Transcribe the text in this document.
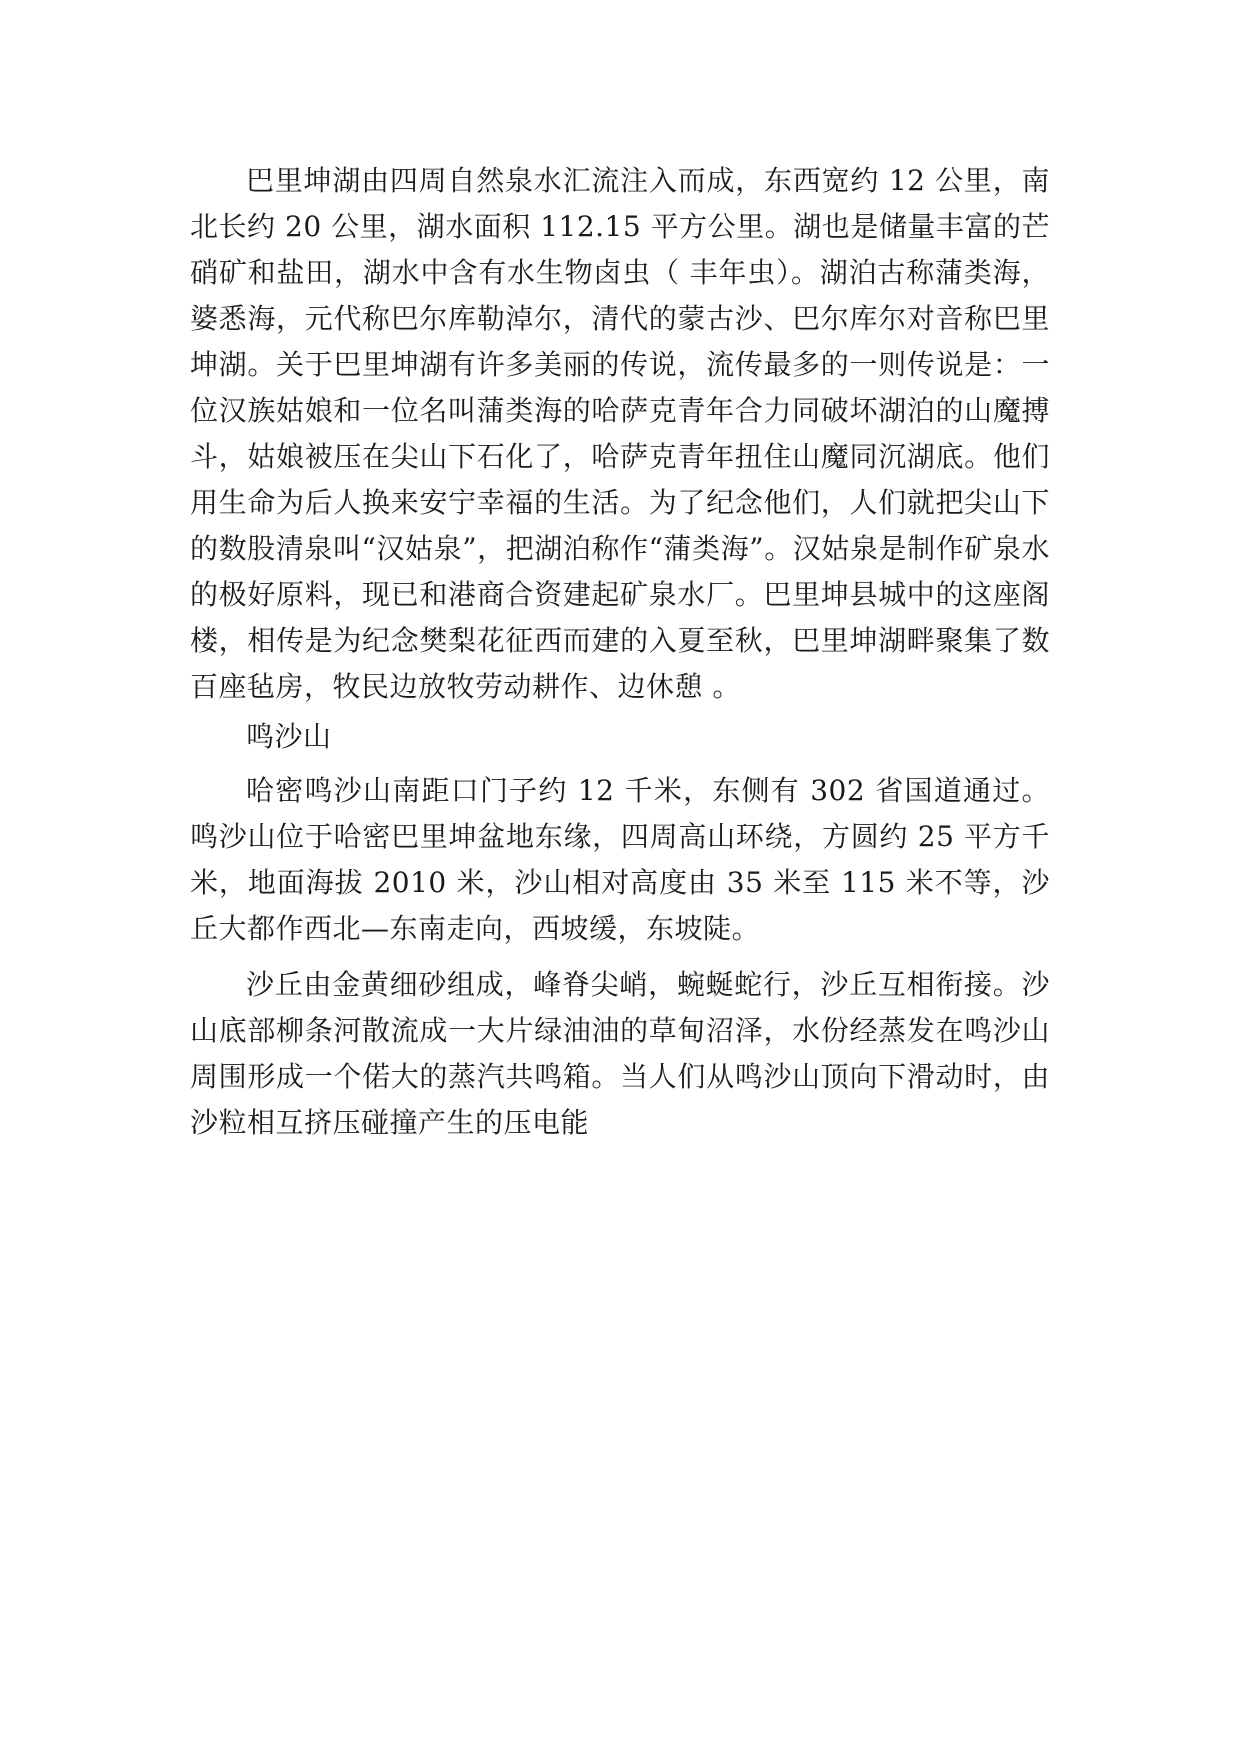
巴里坤湖由四周自然泉水汇流注入而成，东西宽约 12 公里，南北长约 20 公里，湖水面积 112.15 平方公里。湖也是储量丰富的芒硝矿和盐田，湖水中含有水生物卤虫（ 丰年虫）。湖泊古称蒲类海，婆悉海，元代称巴尔库勒淖尔，清代的蒙古沙、巴尔库尔对音称巴里坤湖。关于巴里坤湖有许多美丽的传说，流传最多的一则传说是：一位汉族姑娘和一位名叫蒲类海的哈萨克青年合力同破坏湖泊的山魔搏斗，姑娘被压在尖山下石化了，哈萨克青年扭住山魔同沉湖底。他们用生命为后人换来安宁幸福的生活。为了纪念他们，人们就把尖山下的数股清泉叫“汉姑泉”，把湖泊称作“蒲类海”。汉姑泉是制作矿泉水的极好原料，现已和港商合资建起矿泉水厂。巴里坤县城中的这座阁楼，相传是为纪念樊梨花征西而建的入夏至秋，巴里坤湖畔聚集了数百座毡房，牧民边放牧劳动耕作、边休憩 。

鸣沙山

哈密鸣沙山南距口门子约 12 千米，东侧有 302 省国道通过。鸣沙山位于哈密巴里坤盆地东缘，四周高山环绕，方圆约 25 平方千米，地面海拔 2010 米，沙山相对高度由 35 米至 115 米不等，沙丘大都作西北—东南走向，西坡缓，东坡陡。

沙丘由金黄细砂组成，峰脊尖峭，蜿蜒蛇行，沙丘互相衔接。沙山底部柳条河散流成一大片绿油油的草甸沼泽，水份经蒸发在鸣沙山周围形成一个偌大的蒸汽共鸣箱。当人们从鸣沙山顶向下滑动时，由沙粒相互挤压碰撞产生的压电能
